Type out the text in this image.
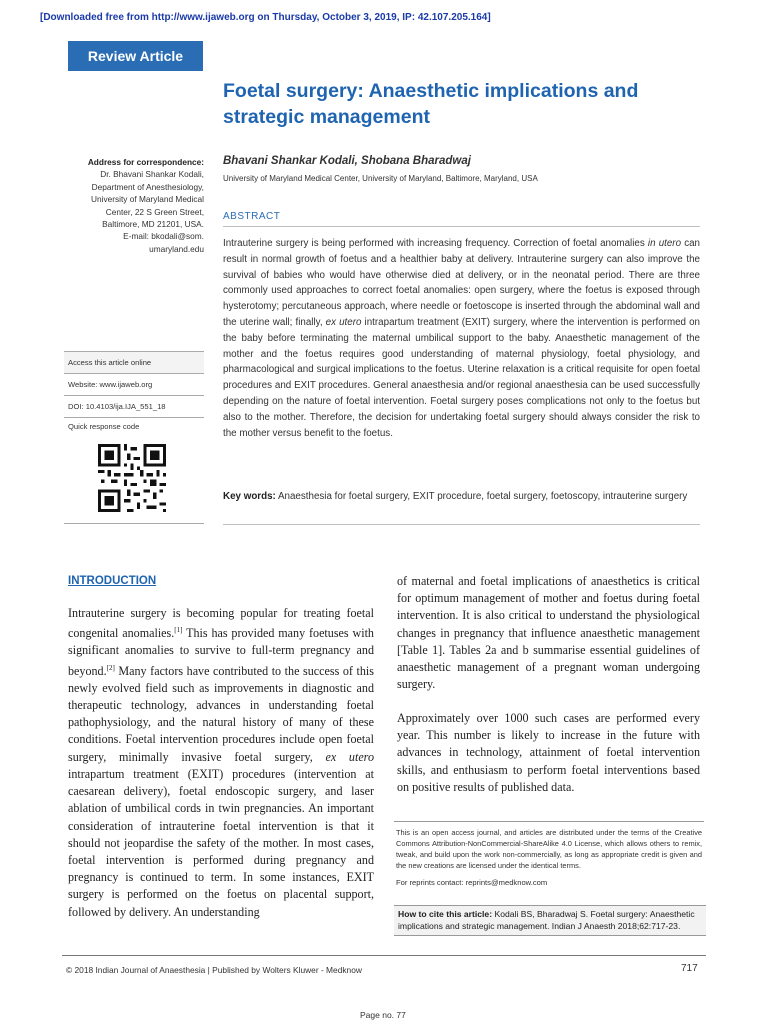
[Downloaded free from http://www.ijaweb.org on Thursday, October 3, 2019, IP: 42.107.205.164]
Review Article
Foetal surgery: Anaesthetic implications and strategic management
Bhavani Shankar Kodali, Shobana Bharadwaj
University of Maryland Medical Center, University of Maryland, Baltimore, Maryland, USA
ABSTRACT
Intrauterine surgery is being performed with increasing frequency. Correction of foetal anomalies in utero can result in normal growth of foetus and a healthier baby at delivery. Intrauterine surgery can also improve the survival of babies who would have otherwise died at delivery, or in the neonatal period. There are three commonly used approaches to correct foetal anomalies: open surgery, where the foetus is exposed through hysterotomy; percutaneous approach, where needle or foetoscope is inserted through the abdominal wall and the uterine wall; finally, ex utero intrapartum treatment (EXIT) surgery, where the intervention is performed on the baby before terminating the maternal umbilical support to the baby. Anaesthetic management of the mother and the foetus requires good understanding of maternal physiology, foetal physiology, and pharmacological and surgical implications to the foetus. Uterine relaxation is a critical requisite for open foetal procedures and EXIT procedures. General anaesthesia and/or regional anaesthesia can be used successfully depending on the nature of foetal intervention. Foetal surgery poses complications not only to the foetus but also to the mother. Therefore, the decision for undertaking foetal surgery should always consider the risk to the mother versus benefit to the foetus.
Key words: Anaesthesia for foetal surgery, EXIT procedure, foetal surgery, foetoscopy, intrauterine surgery
Address for correspondence:
Dr. Bhavani Shankar Kodali,
Department of Anesthesiology,
University of Maryland Medical
Center, 22 S Green Street,
Baltimore, MD 21201, USA.
E-mail: bkodali@som.
umaryland.edu
Access this article online
Website: www.ijaweb.org
DOI: 10.4103/ija.IJA_551_18
Quick response code
INTRODUCTION

Intrauterine surgery is becoming popular for treating foetal congenital anomalies.[1] This has provided many foetuses with significant anomalies to survive to full-term pregnancy and beyond.[2] Many factors have contributed to the success of this newly evolved field such as improvements in diagnostic and therapeutic technology, advances in understanding foetal pathophysiology, and the natural history of many of these conditions. Foetal intervention procedures include open foetal surgery, minimally invasive foetal surgery, ex utero intrapartum treatment (EXIT) procedures (intervention at caesarean delivery), foetal endoscopic surgery, and laser ablation of umbilical cords in twin pregnancies. An important consideration of intrauterine foetal intervention is that it should not jeopardise the safety of the mother. In most cases, foetal intervention is performed during pregnancy and pregnancy is continued to term. In some instances, EXIT surgery is performed on the foetus on placental support, followed by delivery. An understanding

of maternal and foetal implications of anaesthetics is critical for optimum management of mother and foetus during foetal intervention. It is also critical to understand the physiological changes in pregnancy that influence anaesthetic management [Table 1]. Tables 2a and b summarise essential guidelines of anaesthetic management of a pregnant woman undergoing surgery.

Approximately over 1000 such cases are performed every year. This number is likely to increase in the future with advances in technology, attainment of foetal intervention skills, and enthusiasm to perform foetal interventions based on positive results of published data.

This is an open access journal, and articles are distributed under the terms of the Creative Commons Attribution-NonCommercial-ShareAlike 4.0 License, which allows others to remix, tweak, and build upon the work non-commercially, as long as appropriate credit is given and the new creations are licensed under the identical terms.
For reprints contact: reprints@medknow.com
How to cite this article: Kodali BS, Bharadwaj S. Foetal surgery: Anaesthetic implications and strategic management. Indian J Anaesth 2018;62:717-23.
© 2018 Indian Journal of Anaesthesia | Published by Wolters Kluwer - Medknow	717
Page no. 77
